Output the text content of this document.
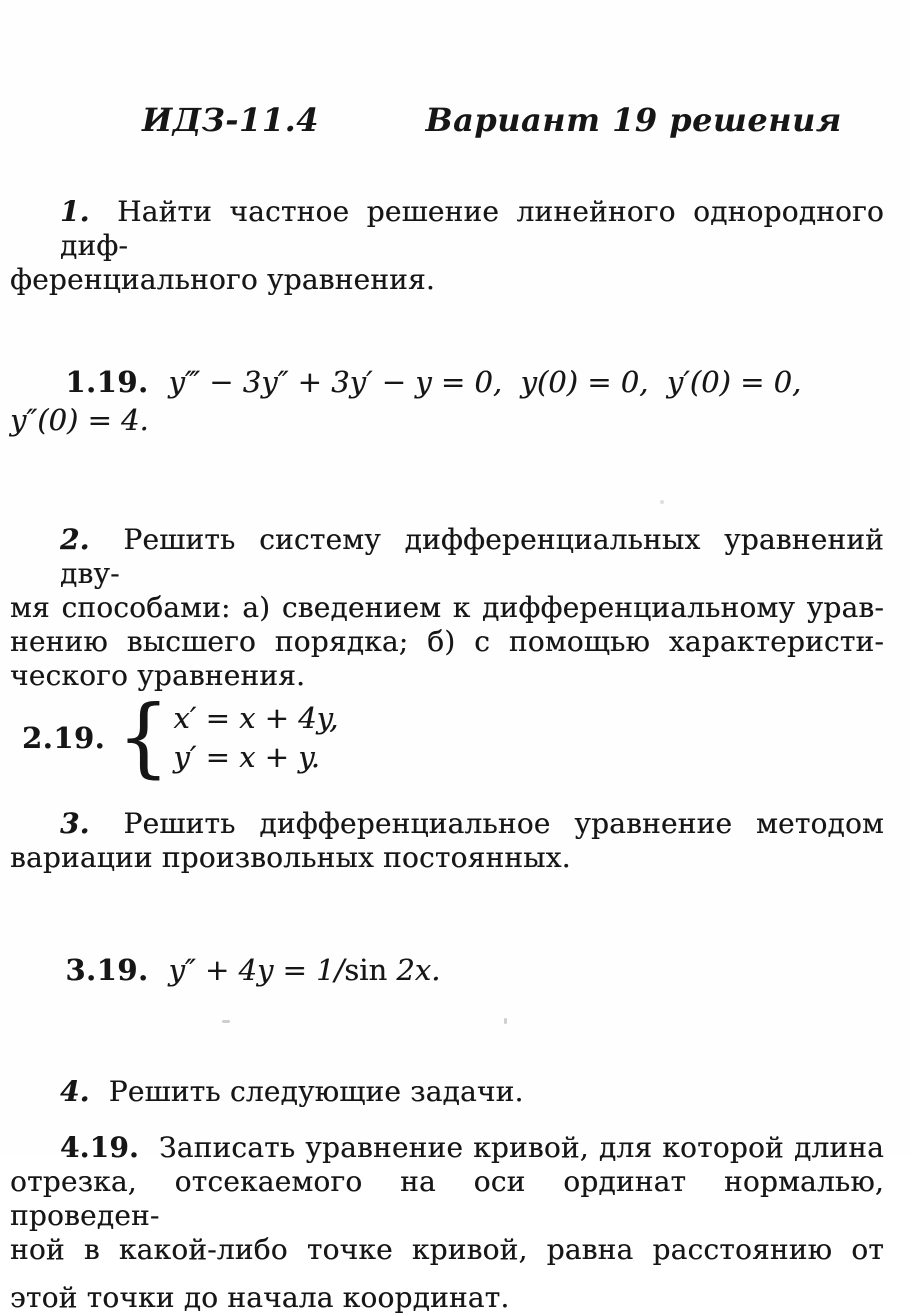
ИДЗ-11.4	Вариант 19 решения
1. Найти частное решение линейного однородного диф-
ференциального уравнения.

1.19. y‴ − 3y″ + 3y′ − y = 0,  y(0) = 0,  y′(0) = 0,  y″(0) = 4.

2. Решить систему дифференциальных уравнений дву-
мя способами: а) сведением к дифференциальному урав-
нению высшего порядка; б) с помощью характеристи-
ческого уравнения.
2.19. { x′ = x + 4y,
y′ = x + y.
3. Решить дифференциальное уравнение методом
вариации произвольных постоянных.

3.19. y″ + 4y = 1/sin 2x.

4. Решить следующие задачи.
4.19. Записать уравнение кривой, для которой длина
отрезка, отсекаемого на оси ординат нормалью, проведен-
ной в какой-либо точке кривой, равна расстоянию от
этой точки до начала координат.
